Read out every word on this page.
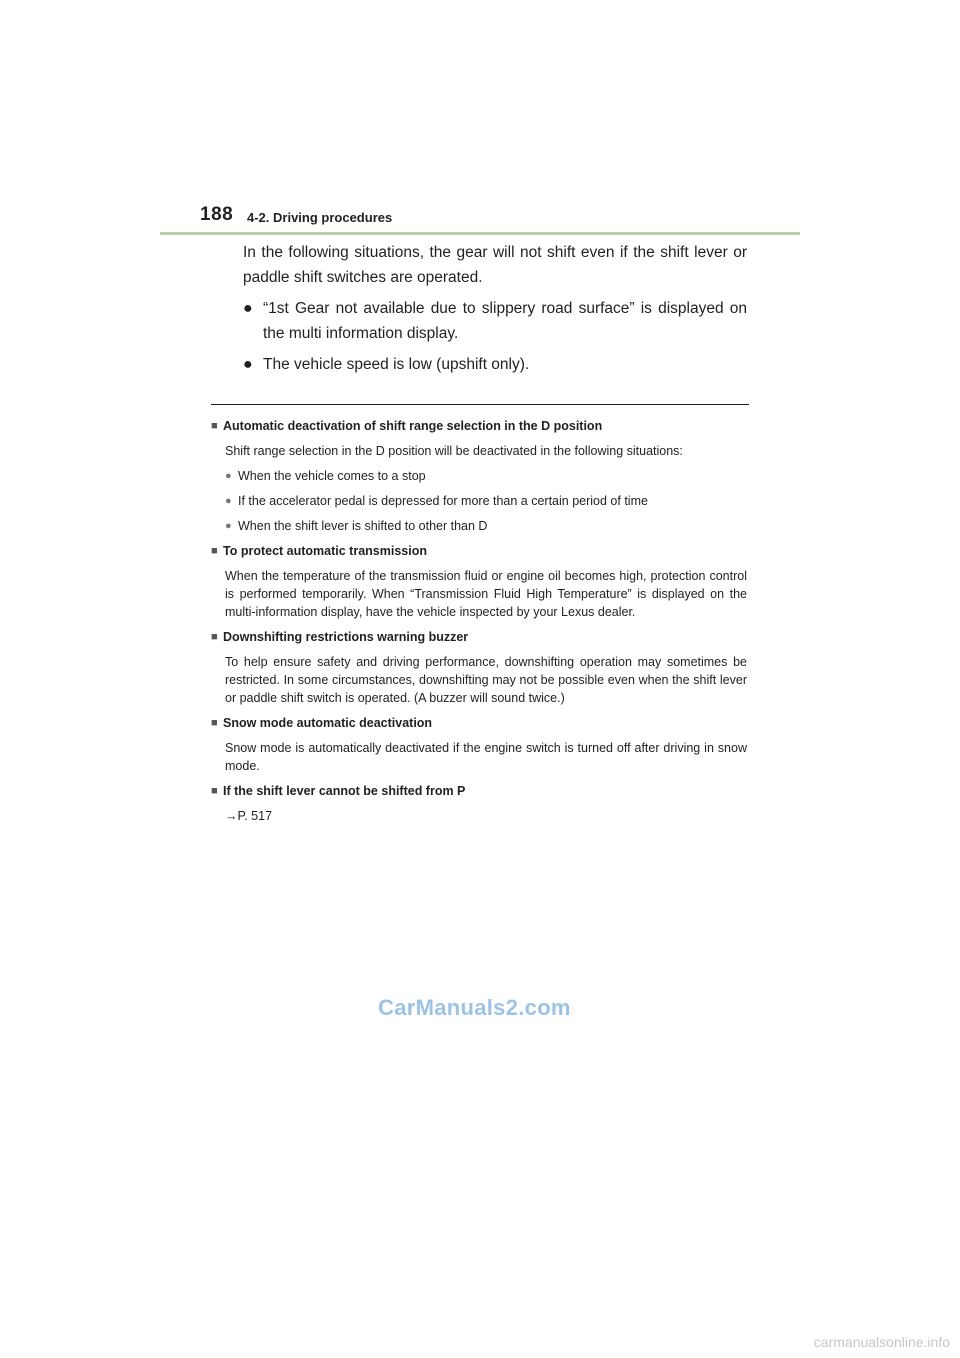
188 4-2. Driving procedures

In the following situations, the gear will not shift even if the shift lever or paddle shift switches are operated.

● “1st Gear not available due to slippery road surface” is displayed on the multi information display.
● The vehicle speed is low (upshift only).
■ Automatic deactivation of shift range selection in the D position
Shift range selection in the D position will be deactivated in the following situations:
● When the vehicle comes to a stop
● If the accelerator pedal is depressed for more than a certain period of time
● When the shift lever is shifted to other than D
■ To protect automatic transmission
When the temperature of the transmission fluid or engine oil becomes high, protection control is performed temporarily. When “Transmission Fluid High Temperature” is displayed on the multi-information display, have the vehicle inspected by your Lexus dealer.
■ Downshifting restrictions warning buzzer
To help ensure safety and driving performance, downshifting operation may sometimes be restricted. In some circumstances, downshifting may not be possible even when the shift lever or paddle shift switch is operated. (A buzzer will sound twice.)
■ Snow mode automatic deactivation
Snow mode is automatically deactivated if the engine switch is turned off after driving in snow mode.
■ If the shift lever cannot be shifted from P
→P. 517
CarManuals2.com
carmanualsonline.info
